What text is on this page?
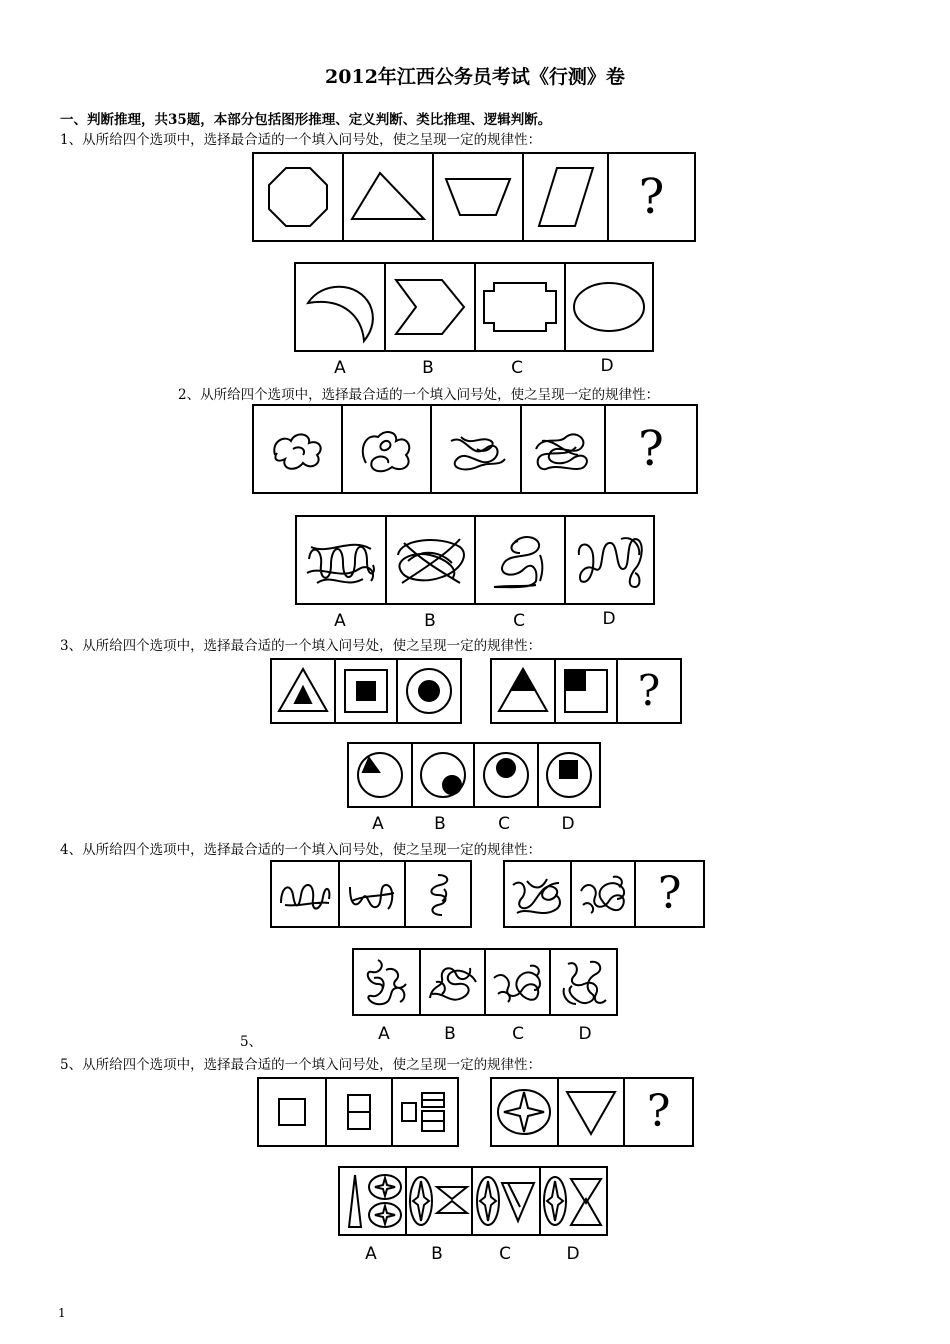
2012年江西公务员考试《行测》卷
一、判断推理，共35题，本部分包括图形推理、定义判断、类比推理、逻辑判断。
1、从所给四个选项中，选择最合适的一个填入问号处，使之呈现一定的规律性：
?
A	B	C	D
2、从所给四个选项中，选择最合适的一个填入问号处，使之呈现一定的规律性：
?
A	B	C	D
3、从所给四个选项中，选择最合适的一个填入问号处，使之呈现一定的规律性：
?
A	B	C	D
4、从所给四个选项中，选择最合适的一个填入问号处，使之呈现一定的规律性：
?
A	B	C	D
5、
5、从所给四个选项中，选择最合适的一个填入问号处，使之呈现一定的规律性：
?
A	B	C	D
1
